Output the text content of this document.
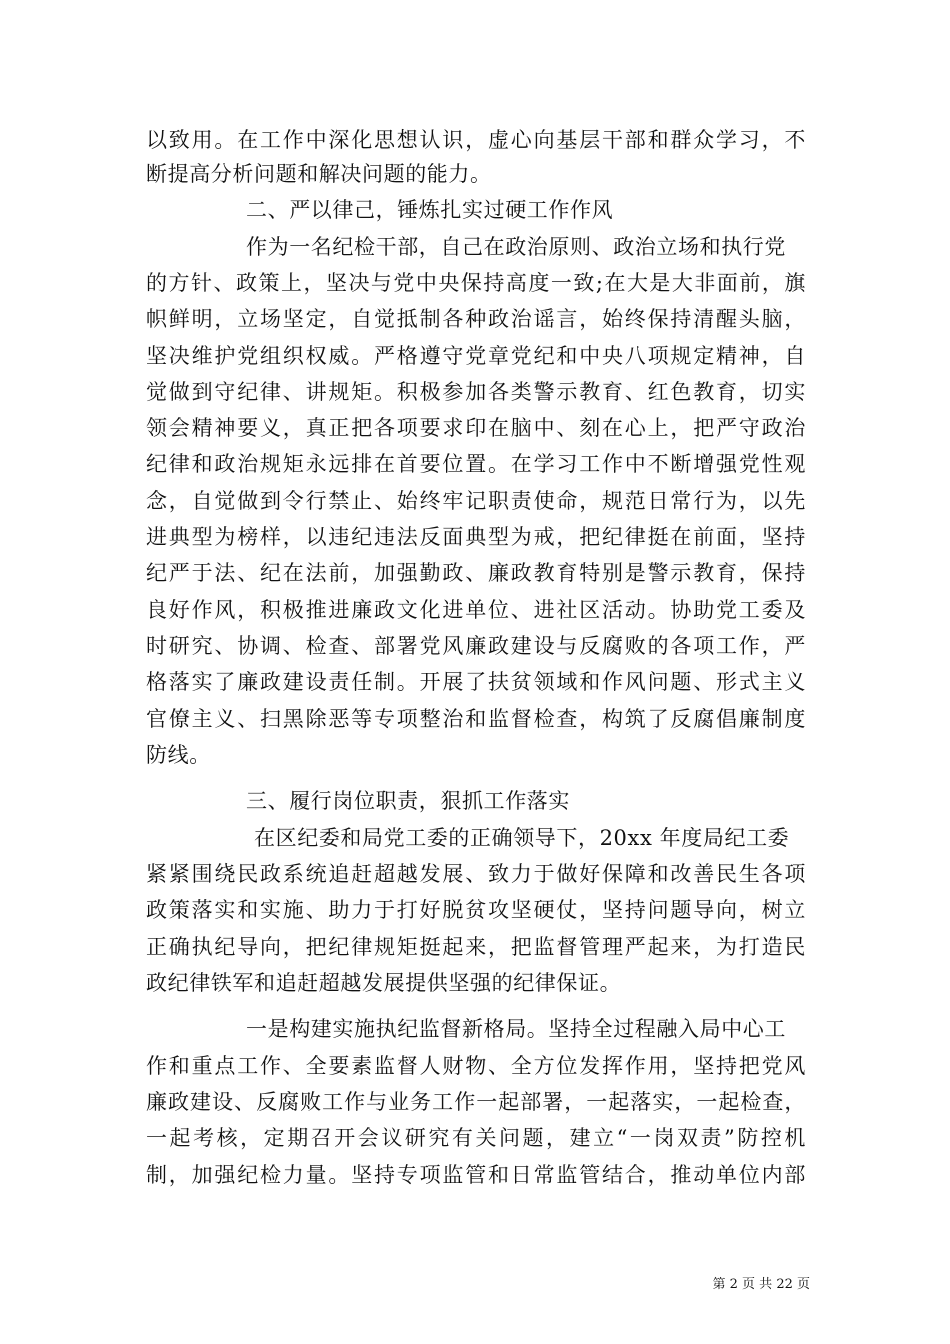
以致用。在工作中深化思想认识，虚心向基层干部和群众学习，不
断提高分析问题和解决问题的能力。
二、严以律己，锤炼扎实过硬工作作风
作为一名纪检干部，自己在政治原则、政治立场和执行党
的方针、政策上，坚决与党中央保持高度一致;在大是大非面前，旗
帜鲜明，立场坚定，自觉抵制各种政治谣言，始终保持清醒头脑，
坚决维护党组织权威。严格遵守党章党纪和中央八项规定精神，自
觉做到守纪律、讲规矩。积极参加各类警示教育、红色教育，切实
领会精神要义，真正把各项要求印在脑中、刻在心上，把严守政治
纪律和政治规矩永远排在首要位置。在学习工作中不断增强党性观
念，自觉做到令行禁止、始终牢记职责使命，规范日常行为，以先
进典型为榜样，以违纪违法反面典型为戒，把纪律挺在前面，坚持
纪严于法、纪在法前，加强勤政、廉政教育特别是警示教育，保持
良好作风，积极推进廉政文化进单位、进社区活动。协助党工委及
时研究、协调、检查、部署党风廉政建设与反腐败的各项工作，严
格落实了廉政建设责任制。开展了扶贫领域和作风问题、形式主义
官僚主义、扫黑除恶等专项整治和监督检查，构筑了反腐倡廉制度
防线。
三、履行岗位职责，狠抓工作落实
在区纪委和局党工委的正确领导下，20xx 年度局纪工委
紧紧围绕民政系统追赶超越发展、致力于做好保障和改善民生各项
政策落实和实施、助力于打好脱贫攻坚硬仗，坚持问题导向，树立
正确执纪导向，把纪律规矩挺起来，把监督管理严起来，为打造民
政纪律铁军和追赶超越发展提供坚强的纪律保证。
一是构建实施执纪监督新格局。坚持全过程融入局中心工
作和重点工作、全要素监督人财物、全方位发挥作用，坚持把党风
廉政建设、反腐败工作与业务工作一起部署，一起落实，一起检查，
一起考核，定期召开会议研究有关问题，建立“一岗双责”防控机
制，加强纪检力量。坚持专项监管和日常监管结合，推动单位内部
第 2 页 共 22 页
